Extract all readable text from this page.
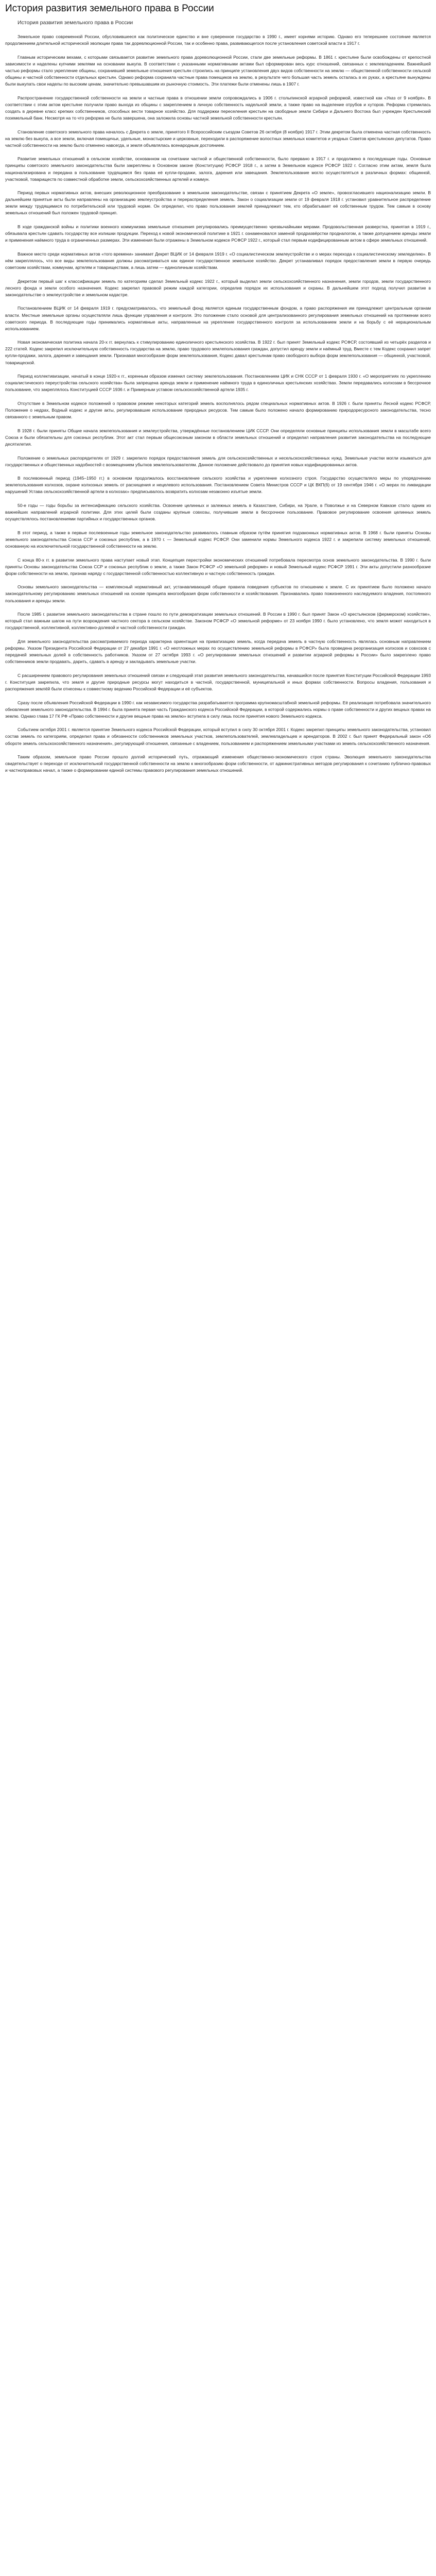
История развития земельного права в России
История развития земельного права в России

Земельное право современной России, обусловившееся как политическое единство и вне суверенное государство в 1990 г., имеет корнями историю. Однако его теперешнее состояние является продолжением длительной исторической эволюции права так доревлюционной России, так и особенно права, развивающегося после установления советской власти в 1917 г.

Главным историческим вехами, с которыми связывается развитие земельного права дореволюционной России, стали две земельные реформы. В 1861 г. крестьяне были освобождены от крепостной зависимости и наделены купчими землями на основании выкупа. В соответствии с указанными нормативными актами был сформирован весь курс отношений, связанных с землевладением. Важнейшей частью реформы стало укрепление общины, сохранившей земельные отношения крестьян строились на принципе установления двух видов собственности на землю — общественной собственности сельской общины и частной собственности отдельных крестьян. Однако реформа сохранила частные права помещиков на землю, в результате чего большая часть земель осталась в их руках, а крестьяне вынуждены были выкупать свои наделы по высоким ценам, значительно превышавшим их рыночную стоимость. Эти платежи были отменены лишь в 1907 г.

Распространение государственной собственности на земли и частные права в отношении земли сопровождались в 1906 г. столыпинской аграрной реформой, известной как «Указ от 9 ноября». В соответствии с этим актом крестьяне получили право выхода из общины с закреплением в личную собственность надельной земли, а также право на выделение отрубов и хуторов. Реформа стремилась создать в деревне класс крепких собственников, способных вести товарное хозяйство. Для поддержки переселения крестьян на свободные земли Сибири и Дальнего Востока был учрежден Крестьянский поземельный банк. Несмотря на то что реформа не была завершена, она заложила основы частной земельной собственности крестьян.

Становление советского земельного права началось с Декрета о земле, принятого II Всероссийским съездом Советов 26 октября (8 ноября) 1917 г. Этим декретом была отменена частная собственность на землю без выкупа, а все земли, включая помещичьи, удельные, монастырские и церковные, переходили в распоряжение волостных земельных комитетов и уездных Советов крестьянских депутатов. Право частной собственности на землю было отменено навсегда, и земля объявлялась всенародным достоянием.

Развитие земельных отношений в сельском хозяйстве, основанном на сочетании частной и общественной собственности, было прервано в 1917 г. и продолжено в последующие годы. Основные принципы советского земельного законодательства были закреплены в Основном законе (Конституции) РСФСР 1918 г., а затем в Земельном кодексе РСФСР 1922 г. Согласно этим актам, земля была национализирована и передана в пользование трудящимся без права её купли-продажи, залога, дарения или завещания. Землепользование могло осуществляться в различных формах: общинной, участковой, товариществ по совместной обработке земли, сельскохозяйственных артелей и коммун.

Период первых нормативных актов, внесших революционное преобразование в земельном законодательстве, связан с принятием Декрета «О земле», провозгласившего национализацию земли. В дальнейшем принятые акты были направлены на организацию землеустройства и перераспределения земель. Закон о социализации земли от 19 февраля 1918 г. установил уравнительное распределение земли между трудящимися по потребительской или трудовой норме. Он определил, что право пользования землей принадлежит тем, кто обрабатывает её собственным трудом. Тем самым в основу земельных отношений был положен трудовой принцип.

В ходе гражданской войны и политики военного коммунизма земельные отношения регулировались преимущественно чрезвычайными мерами. Продовольственная разверстка, принятая в 1919 г., обязывала крестьян сдавать государству все излишки продукции. Переход к новой экономической политике в 1921 г. ознаменовался заменой продразвёрстки продналогом, а также допущением аренды земли и применения наёмного труда в ограниченных размерах. Эти изменения были отражены в Земельном кодексе РСФСР 1922 г., который стал первым кодифицированным актом в сфере земельных отношений.

Важное место среди нормативных актов «того времени» занимает Декрет ВЦИК от 14 февраля 1919 г. «О социалистическом землеустройстве и о мерах перехода к социалистическому земледелию». В нём закреплялось, что все виды землепользования должны рассматриваться как единое государственное земельное хозяйство. Декрет устанавливал порядок предоставления земли в первую очередь советским хозяйствам, коммунам, артелям и товариществам, а лишь затем — единоличным хозяйствам.

Декретом первый шаг к классификации земель по категориям сделал Земельный кодекс 1922 г., который выделил земли сельскохозяйственного назначения, земли городов, земли государственного лесного фонда и земли особого назначения. Кодекс закрепил правовой режим каждой категории, определив порядок их использования и охраны. В дальнейшем этот подход получил развитие в законодательстве о землеустройстве и земельном кадастре.

Постановлением ВЦИК от 14 февраля 1919 г. предусматривалось, что земельный фонд является единым государственным фондом, а право распоряжения им принадлежит центральным органам власти. Местные земельные органы осуществляли лишь функции управления и контроля. Это положение стало основой для централизованного регулирования земельных отношений на протяжении всего советского периода. В последующие годы принимались нормативные акты, направленные на укрепление государственного контроля за использованием земли и на борьбу с её нерациональным использованием.

Новая экономическая политика начала 20-х гг. вернулась к стимулированию единоличного крестьянского хозяйства. В 1922 г. был принят Земельный кодекс РСФСР, состоявший из четырёх разделов и 222 статей. Кодекс закрепил исключительную собственность государства на землю, право трудового землепользования граждан, допустил аренду земли и наёмный труд. Вместе с тем Кодекс сохранил запрет купли-продажи, залога, дарения и завещания земли. Признавая многообразие форм землепользования, Кодекс давал крестьянам право свободного выбора форм землепользования — общинной, участковой, товарищеской.

Период коллективизации, начатый в конце 1920-х гг., коренным образом изменил систему землепользования. Постановлением ЦИК и СНК СССР от 1 февраля 1930 г. «О мероприятиях по укреплению социалистического переустройства сельского хозяйства» была запрещена аренда земли и применение наёмного труда в единоличных крестьянских хозяйствах. Земли передавались колхозам в бессрочное пользование, что закреплялось Конституцией СССР 1936 г. и Примерным уставом сельскохозяйственной артели 1935 г.

Отсутствие в Земельном кодексе положений о правовом режиме некоторых категорий земель восполнялось рядом специальных нормативных актов. В 1926 г. были приняты Лесной кодекс РСФСР, Положение о недрах, Водный кодекс и другие акты, регулировавшие использование природных ресурсов. Тем самым было положено начало формированию природоресурсного законодательства, тесно связанного с земельным правом.

В 1928 г. были приняты Общие начала землепользования и землеустройства, утверждённые постановлением ЦИК СССР. Они определяли основные принципы использования земли в масштабе всего Союза и были обязательны для союзных республик. Этот акт стал первым общесоюзным законом в области земельных отношений и определил направления развития законодательства на последующие десятилетия.

Положение о земельных распорядителях от 1929 г. закрепило порядок предоставления земель для сельскохозяйственных и несельскохозяйственных нужд. Земельные участки могли изыматься для государственных и общественных надобностей с возмещением убытков землепользователям. Данное положение действовало до принятия новых кодифицированных актов.

В послевоенный период (1945–1950 гг.) в основном продолжалось восстановление сельского хозяйства и укрепление колхозного строя. Государство осуществляло меры по упорядочению землепользования колхозов, охране колхозных земель от расхищения и нецелевого использования. Постановлением Совета Министров СССР и ЦК ВКП(б) от 19 сентября 1946 г. «О мерах по ликвидации нарушений Устава сельскохозяйственной артели в колхозах» предписывалось возвратить колхозам незаконно изъятые земли.

50-е годы — годы борьбы за интенсификацию сельского хозяйства. Освоение целинных и залежных земель в Казахстане, Сибири, на Урале, в Поволжье и на Северном Кавказе стало одним из важнейших направлений аграрной политики. Для этих целей были созданы крупные совхозы, получившие земли в бессрочное пользование. Правовое регулирование освоения целинных земель осуществлялось постановлениями партийных и государственных органов.

В этот период, а также в первые послевоенные годы земельное законодательство развивалось главным образом путём принятия подзаконных нормативных актов. В 1968 г. были приняты Основы земельного законодательства Союза ССР и союзных республик, а в 1970 г. — Земельный кодекс РСФСР. Они заменили нормы Земельного кодекса 1922 г. и закрепили систему земельных отношений, основанную на исключительной государственной собственности на землю.

С конца 80-х гг. в развитии земельного права наступает новый этап. Концепция перестройки экономических отношений потребовала пересмотра основ земельного законодательства. В 1990 г. были приняты Основы законодательства Союза ССР и союзных республик о земле, а также Закон РСФСР «О земельной реформе» и новый Земельный кодекс РСФСР 1991 г. Эти акты допустили разнообразие форм собственности на землю, признав наряду с государственной собственностью коллективную и частную собственность граждан.

Основы земельного законодательства — комплексный нормативный акт, устанавливающий общие правила поведения субъектов по отношению к земле. С их принятием было положено начало законодательному регулированию земельных отношений на основе принципа многообразия форм собственности и хозяйствования. Признавались право пожизненного наследуемого владения, постоянного пользования и аренды земли.

После 1985 г. развитие земельного законодательства в стране пошло по пути демократизации земельных отношений. В России в 1990 г. был принят Закон «О крестьянском (фермерском) хозяйстве», который стал важным шагом на пути возрождения частного сектора в сельском хозяйстве. Законом РСФСР «О земельной реформе» от 23 ноября 1990 г. было установлено, что земля может находиться в государственной, коллективной, коллективно-долевой и частной собственности граждан.

Для земельного законодательства рассматриваемого периода характерна ориентация на приватизацию земель, когда передача земель в частную собственность являлась основным направлением реформы. Указом Президента Российской Федерации от 27 декабря 1991 г. «О неотложных мерах по осуществлению земельной реформы в РСФСР» была проведена реорганизация колхозов и совхозов с передачей земельных долей в собственность работников. Указом от 27 октября 1993 г. «О регулировании земельных отношений и развитии аграрной реформы в России» было закреплено право собственников земли продавать, дарить, сдавать в аренду и закладывать земельные участки.

С расширением правового регулирования земельных отношений связан и следующий этап развития земельного законодательства, начавшийся после принятия Конституции Российской Федерации 1993 г. Конституция закрепила, что земля и другие природные ресурсы могут находиться в частной, государственной, муниципальной и иных формах собственности. Вопросы владения, пользования и распоряжения землёй были отнесены к совместному ведению Российской Федерации и её субъектов.

Сразу после объявления Российской Федерации в 1990 г. как независимого государства разрабатывается программа крупномасштабной земельной реформы. Её реализация потребовала значительного обновления земельного законодательства. В 1994 г. была принята первая часть Гражданского кодекса Российской Федерации, в которой содержались нормы о праве собственности и других вещных правах на землю. Однако глава 17 ГК РФ «Право собственности и другие вещные права на землю» вступила в силу лишь после принятия нового Земельного кодекса.

Событием октября 2001 г. является принятие Земельного кодекса Российской Федерации, который вступил в силу 30 октября 2001 г. Кодекс закрепил принципы земельного законодательства, установил состав земель по категориям, определил права и обязанности собственников земельных участков, землепользователей, землевладельцев и арендаторов. В 2002 г. был принят Федеральный закон «Об обороте земель сельскохозяйственного назначения», регулирующий отношения, связанные с владением, пользованием и распоряжением земельными участками из земель сельскохозяйственного назначения.

Таким образом, земельное право России прошло долгий исторический путь, отражающий изменения общественно-экономического строя страны. Эволюция земельного законодательства свидетельствует о переходе от исключительной государственной собственности на землю к многообразию форм собственности, от административных методов регулирования к сочетанию публично-правовых и частноправовых начал, а также о формировании единой системы правового регулирования земельных отношений.
